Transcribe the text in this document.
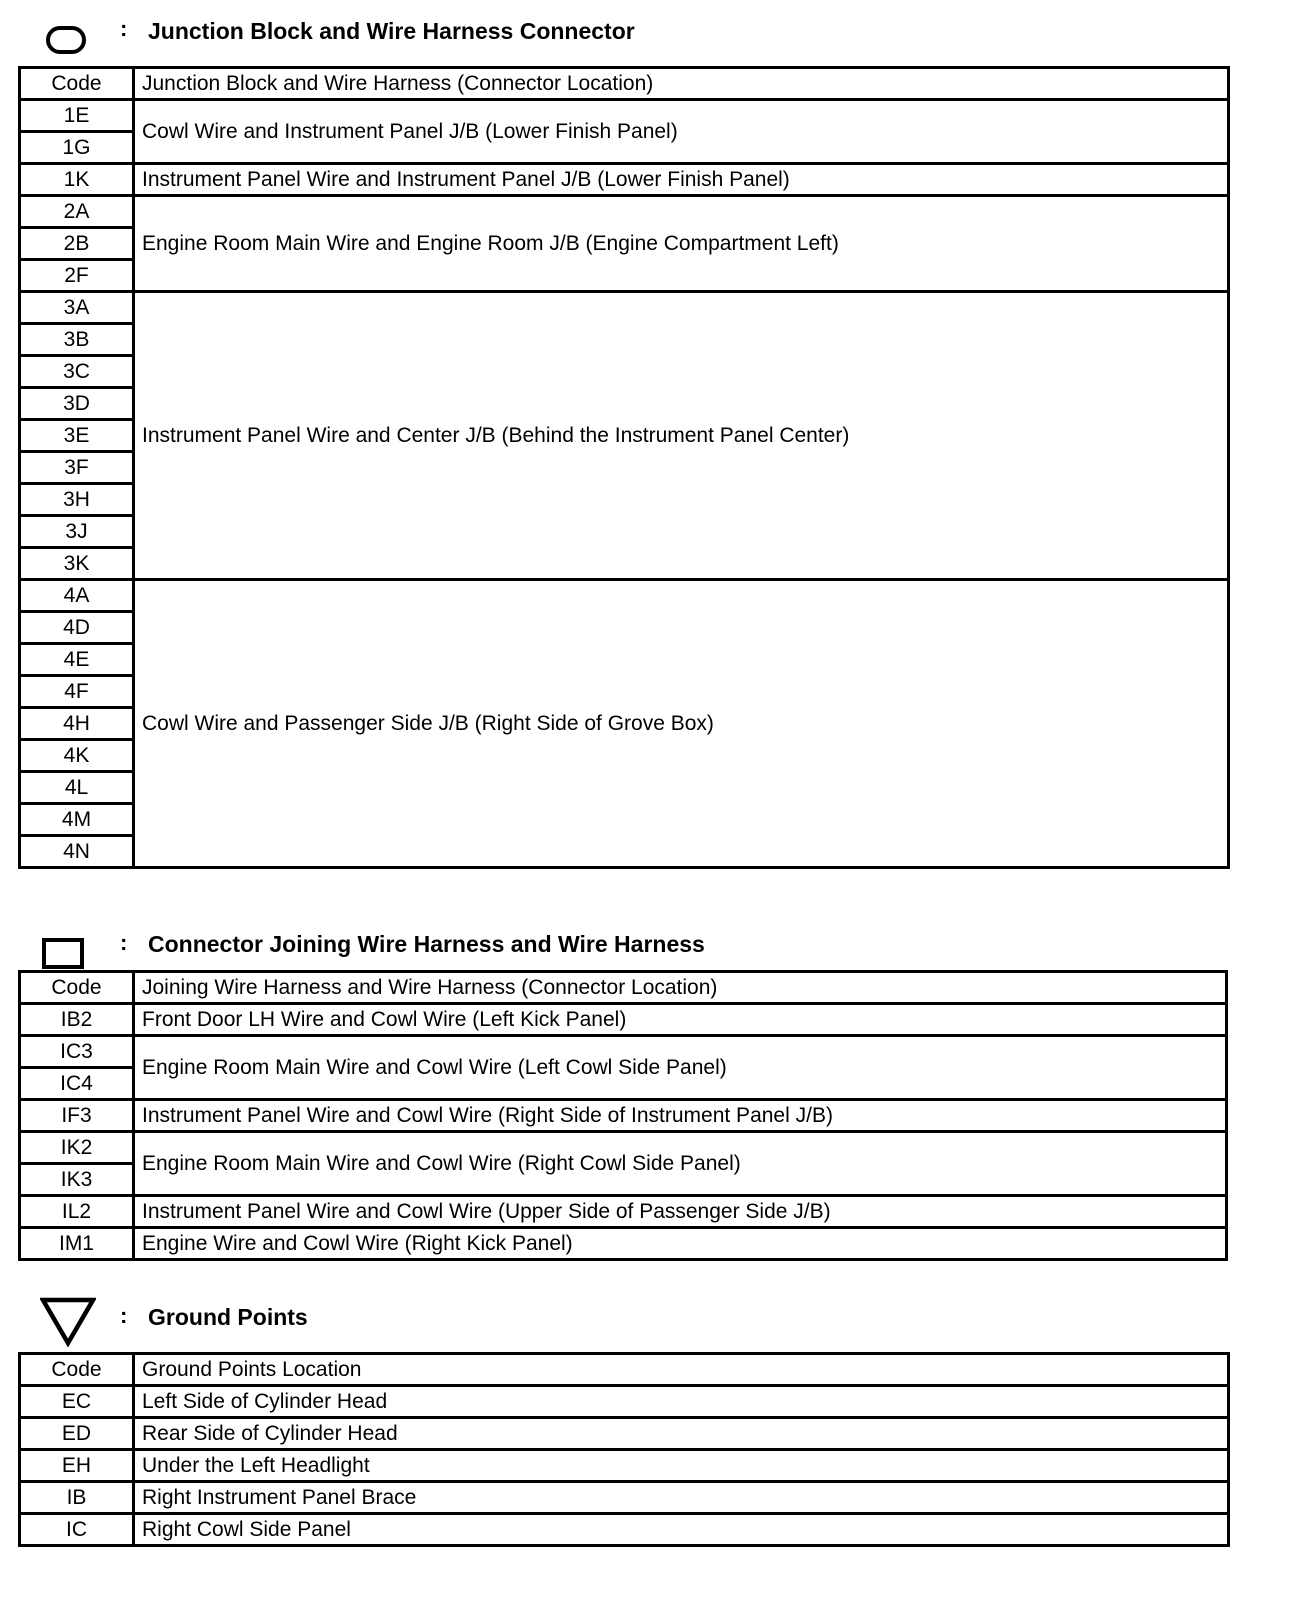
: Junction Block and Wire Harness Connector
Code	Junction Block and Wire Harness (Connector Location)
1E	Cowl Wire and Instrument Panel J/B (Lower Finish Panel)
1G	
1K	Instrument Panel Wire and Instrument Panel J/B (Lower Finish Panel)
2A	Engine Room Main Wire and Engine Room J/B (Engine Compartment Left)
2B	
2F	
3A	Instrument Panel Wire and Center J/B (Behind the Instrument Panel Center)
3B	
3C	
3D	
3E	
3F	
3H	
3J	
3K	
4A	Cowl Wire and Passenger Side J/B (Right Side of Grove Box)
4D	
4E	
4F	
4H	
4K	
4L	
4M	
4N	
: Connector Joining Wire Harness and Wire Harness
Code	Joining Wire Harness and Wire Harness (Connector Location)
IB2	Front Door LH Wire and Cowl Wire (Left Kick Panel)
IC3	Engine Room Main Wire and Cowl Wire (Left Cowl Side Panel)
IC4	
IF3	Instrument Panel Wire and Cowl Wire (Right Side of Instrument Panel J/B)
IK2	Engine Room Main Wire and Cowl Wire (Right Cowl Side Panel)
IK3	
IL2	Instrument Panel Wire and Cowl Wire (Upper Side of Passenger Side J/B)
IM1	Engine Wire and Cowl Wire (Right Kick Panel)
: Ground Points
Code	Ground Points Location
EC	Left Side of Cylinder Head
ED	Rear Side of Cylinder Head
EH	Under the Left Headlight
IB	Right Instrument Panel Brace
IC	Right Cowl Side Panel
